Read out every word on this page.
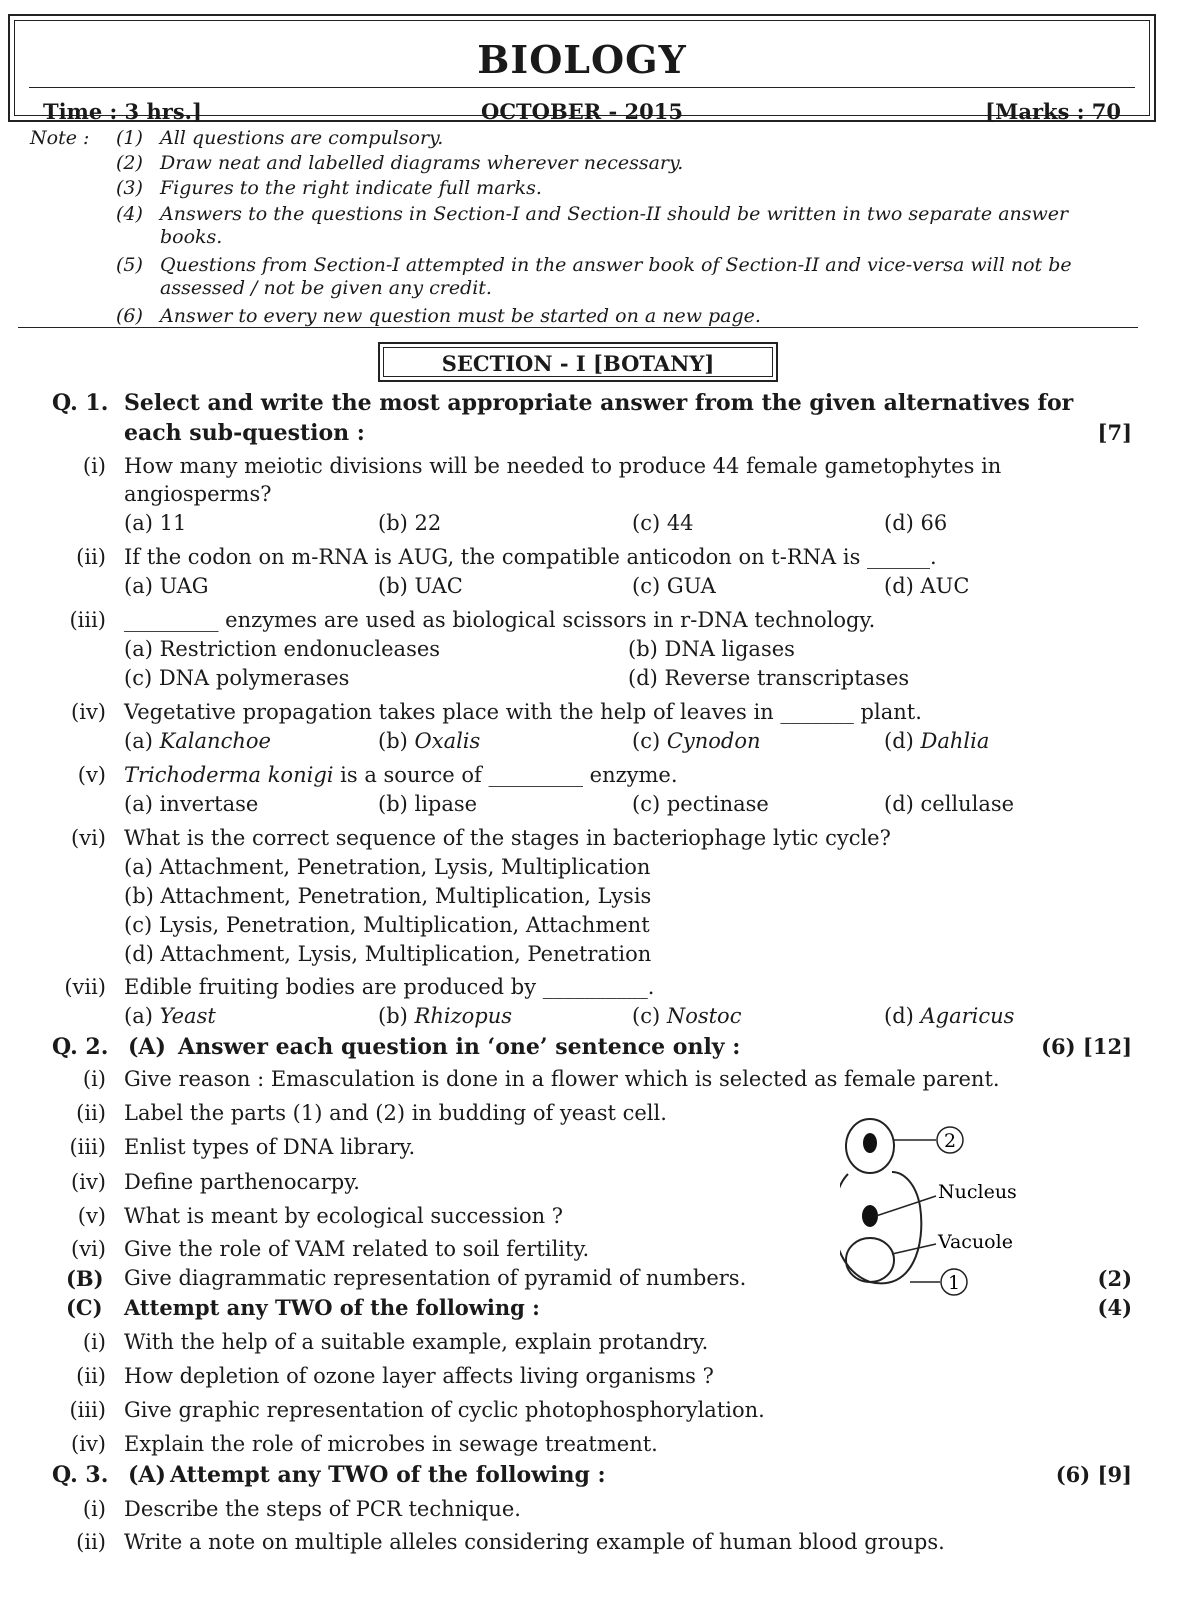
BIOLOGY
Time : 3 hrs.]	OCTOBER - 2015	[Marks : 70
Note : (1) All questions are compulsory.
(2) Draw neat and labelled diagrams wherever necessary.
(3) Figures to the right indicate full marks.
(4) Answers to the questions in Section-I and Section-II should be written in two separate answer
books.
(5) Questions from Section-I attempted in the answer book of Section-II and vice-versa will not be
assessed / not be given any credit.
(6) Answer to every new question must be started on a new page.
SECTION - I [BOTANY]
Q. 1. Select and write the most appropriate answer from the given alternatives for
each sub-question :	[7]
(i) How many meiotic divisions will be needed to produce 44 female gametophytes in
angiosperms?
(a) 11	(b) 22	(c) 44	(d) 66
(ii) If the codon on m-RNA is AUG, the compatible anticodon on t-RNA is ______.
(a) UAG	(b) UAC	(c) GUA	(d) AUC
(iii) _________ enzymes are used as biological scissors in r-DNA technology.
(a) Restriction endonucleases	(b) DNA ligases
(c) DNA polymerases	(d) Reverse transcriptases
(iv) Vegetative propagation takes place with the help of leaves in _______ plant.
(a) Kalanchoe	(b) Oxalis	(c) Cynodon	(d) Dahlia
(v) Trichoderma konigi is a source of _________ enzyme.
(a) invertase	(b) lipase	(c) pectinase	(d) cellulase
(vi) What is the correct sequence of the stages in bacteriophage lytic cycle?
(a) Attachment, Penetration, Lysis, Multiplication
(b) Attachment, Penetration, Multiplication, Lysis
(c) Lysis, Penetration, Multiplication, Attachment
(d) Attachment, Lysis, Multiplication, Penetration
(vii) Edible fruiting bodies are produced by __________.
(a) Yeast	(b) Rhizopus	(c) Nostoc	(d) Agaricus
Q. 2. (A) Answer each question in ‘one’ sentence only :	(6) [12]
(i) Give reason : Emasculation is done in a flower which is selected as female parent.
(ii) Label the parts (1) and (2) in budding of yeast cell.
(iii) Enlist types of DNA library.
(iv) Define parthenocarpy.
(v) What is meant by ecological succession ?
(vi) Give the role of VAM related to soil fertility.
2
Nucleus
Vacuole
1
(B) Give diagrammatic representation of pyramid of numbers.	(2)
(C) Attempt any TWO of the following :	(4)
(i) With the help of a suitable example, explain protandry.
(ii) How depletion of ozone layer affects living organisms ?
(iii) Give graphic representation of cyclic photophosphorylation.
(iv) Explain the role of microbes in sewage treatment.
Q. 3. (A) Attempt any TWO of the following :	(6) [9]
(i) Describe the steps of PCR technique.
(ii) Write a note on multiple alleles considering example of human blood groups.
